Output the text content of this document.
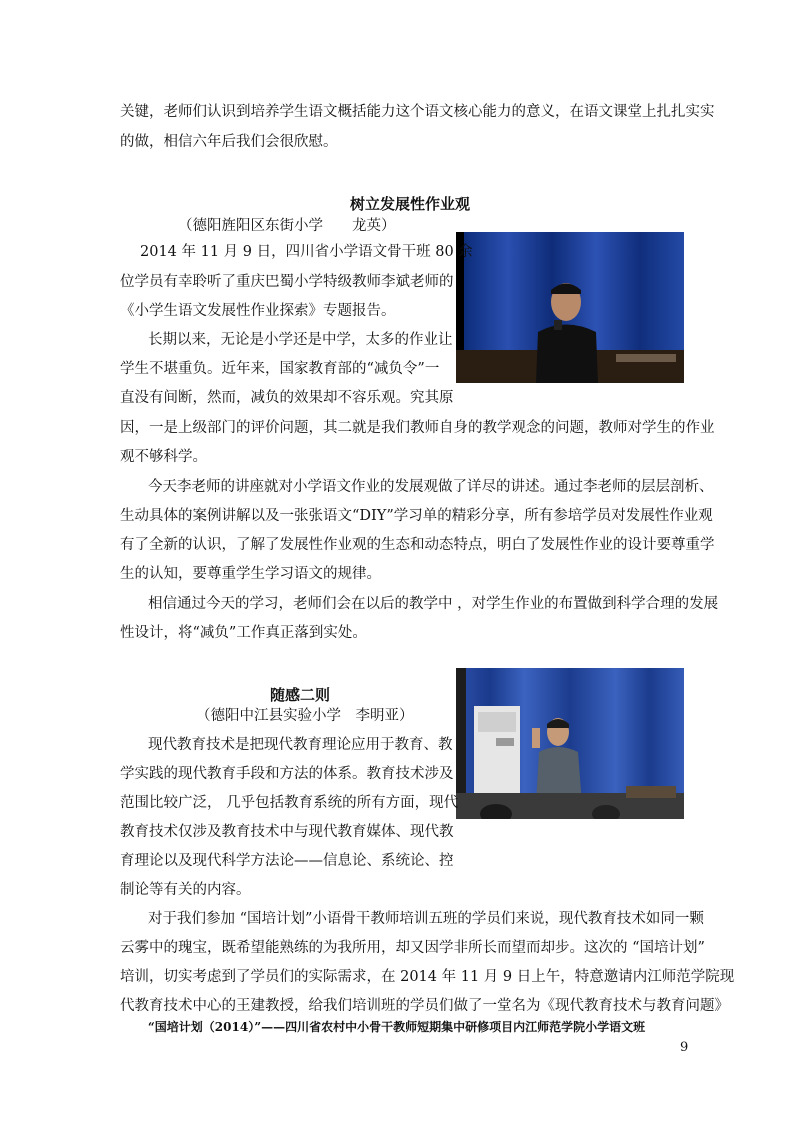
关键，老师们认识到培养学生语文概括能力这个语文核心能力的意义，在语文课堂上扎扎实实
的做，相信六年后我们会很欣慰。
树立发展性作业观
（德阳旌阳区东街小学　　龙英）
2014 年 11 月 9 日，四川省小学语文骨干班 80 余
位学员有幸聆听了重庆巴蜀小学特级教师李斌老师的
《小学生语文发展性作业探索》专题报告。
长期以来，无论是小学还是中学，太多的作业让
学生不堪重负。近年来，国家教育部的“减负令”一
直没有间断，然而，减负的效果却不容乐观。究其原
因，一是上级部门的评价问题，其二就是我们教师自身的教学观念的问题，教师对学生的作业
观不够科学。
今天李老师的讲座就对小学语文作业的发展观做了详尽的讲述。通过李老师的层层剖析、
生动具体的案例讲解以及一张张语文“DIY”学习单的精彩分享，所有参培学员对发展性作业观
有了全新的认识，了解了发展性作业观的生态和动态特点，明白了发展性作业的设计要尊重学
生的认知，要尊重学生学习语文的规律。
相信通过今天的学习，老师们会在以后的教学中 ，对学生作业的布置做到科学合理的发展
性设计，将“减负”工作真正落到实处。
随感二则
（德阳中江县实验小学　李明亚）
现代教育技术是把现代教育理论应用于教育、教
学实践的现代教育手段和方法的体系。教育技术涉及
范围比较广泛， 几乎包括教育系统的所有方面，现代
教育技术仅涉及教育技术中与现代教育媒体、现代教
育理论以及现代科学方法论——信息论、系统论、控
制论等有关的内容。
对于我们参加 “国培计划”小语骨干教师培训五班的学员们来说，现代教育技术如同一颗
云雾中的瑰宝，既希望能熟练的为我所用，却又因学非所长而望而却步。这次的 “国培计划”
培训，切实考虑到了学员们的实际需求，在 2014 年 11 月 9 日上午，特意邀请内江师范学院现
代教育技术中心的王建教授，给我们培训班的学员们做了一堂名为《现代教育技术与教育问题》
“国培计划（2014）”——四川省农村中小骨干教师短期集中研修项目内江师范学院小学语文班
9
